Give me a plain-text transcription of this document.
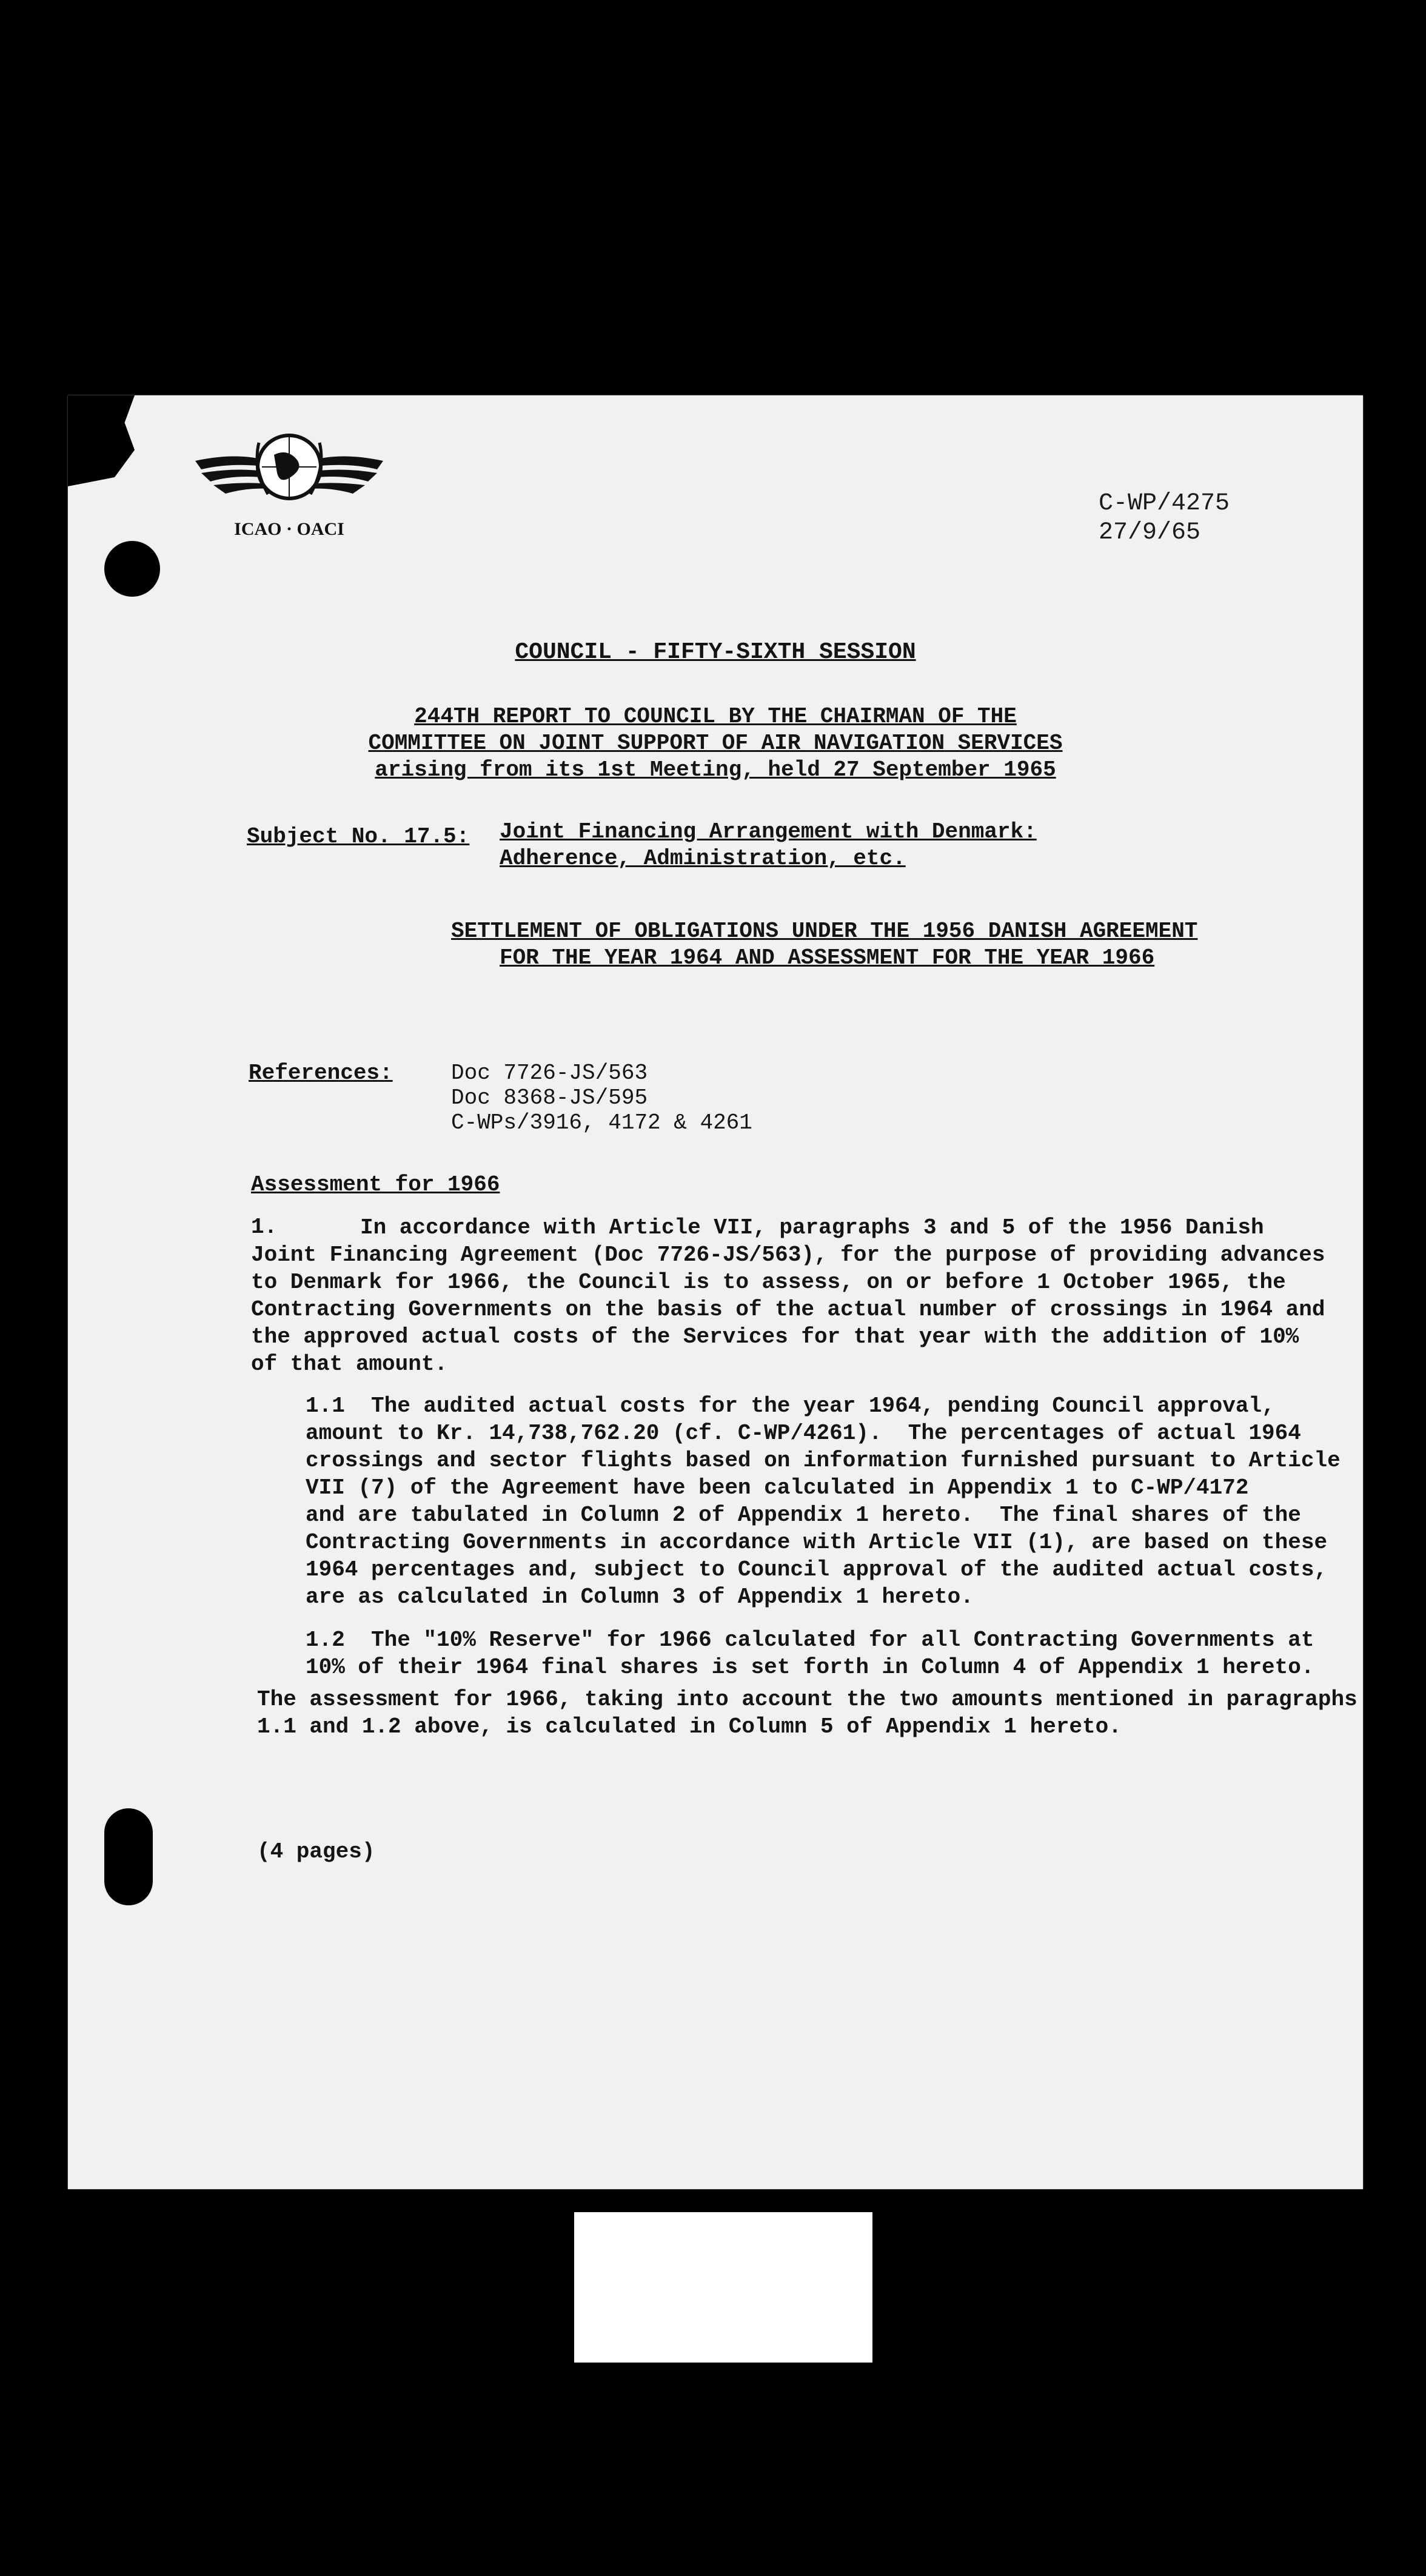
ICAO · OACI
C-WP/4275
27/9/65
COUNCIL - FIFTY-SIXTH SESSION
244TH REPORT TO COUNCIL BY THE CHAIRMAN OF THE
COMMITTEE ON JOINT SUPPORT OF AIR NAVIGATION SERVICES
arising from its 1st Meeting, held 27 September 1965
Subject No. 17.5: Joint Financing Arrangement with Denmark:
Adherence, Administration, etc.
SETTLEMENT OF OBLIGATIONS UNDER THE 1956 DANISH AGREEMENT
FOR THE YEAR 1964 AND ASSESSMENT FOR THE YEAR 1966
References:	Doc 7726-JS/563
Doc 8368-JS/595
C-WPs/3916, 4172 & 4261
Assessment for 1966
1.	In accordance with Article VII, paragraphs 3 and 5 of the 1956 Danish

Joint Financing Agreement (Doc 7726-JS/563), for the purpose of providing advances

to Denmark for 1966, the Council is to assess, on or before 1 October 1965, the

Contracting Governments on the basis of the actual number of crossings in 1964 and

the approved actual costs of the Services for that year with the addition of 10%

of that amount.

1.1  The audited actual costs for the year 1964, pending Council approval,

amount to Kr. 14,738,762.20 (cf. C-WP/4261).  The percentages of actual 1964

crossings and sector flights based on information furnished pursuant to Article

VII (7) of the Agreement have been calculated in Appendix 1 to C-WP/4172

and are tabulated in Column 2 of Appendix 1 hereto.  The final shares of the

Contracting Governments in accordance with Article VII (1), are based on these

1964 percentages and, subject to Council approval of the audited actual costs,

are as calculated in Column 3 of Appendix 1 hereto.

1.2  The "10% Reserve" for 1966 calculated for all Contracting Governments at

10% of their 1964 final shares is set forth in Column 4 of Appendix 1 hereto.

The assessment for 1966, taking into account the two amounts mentioned in paragraphs

1.1 and 1.2 above, is calculated in Column 5 of Appendix 1 hereto.

(4 pages)
